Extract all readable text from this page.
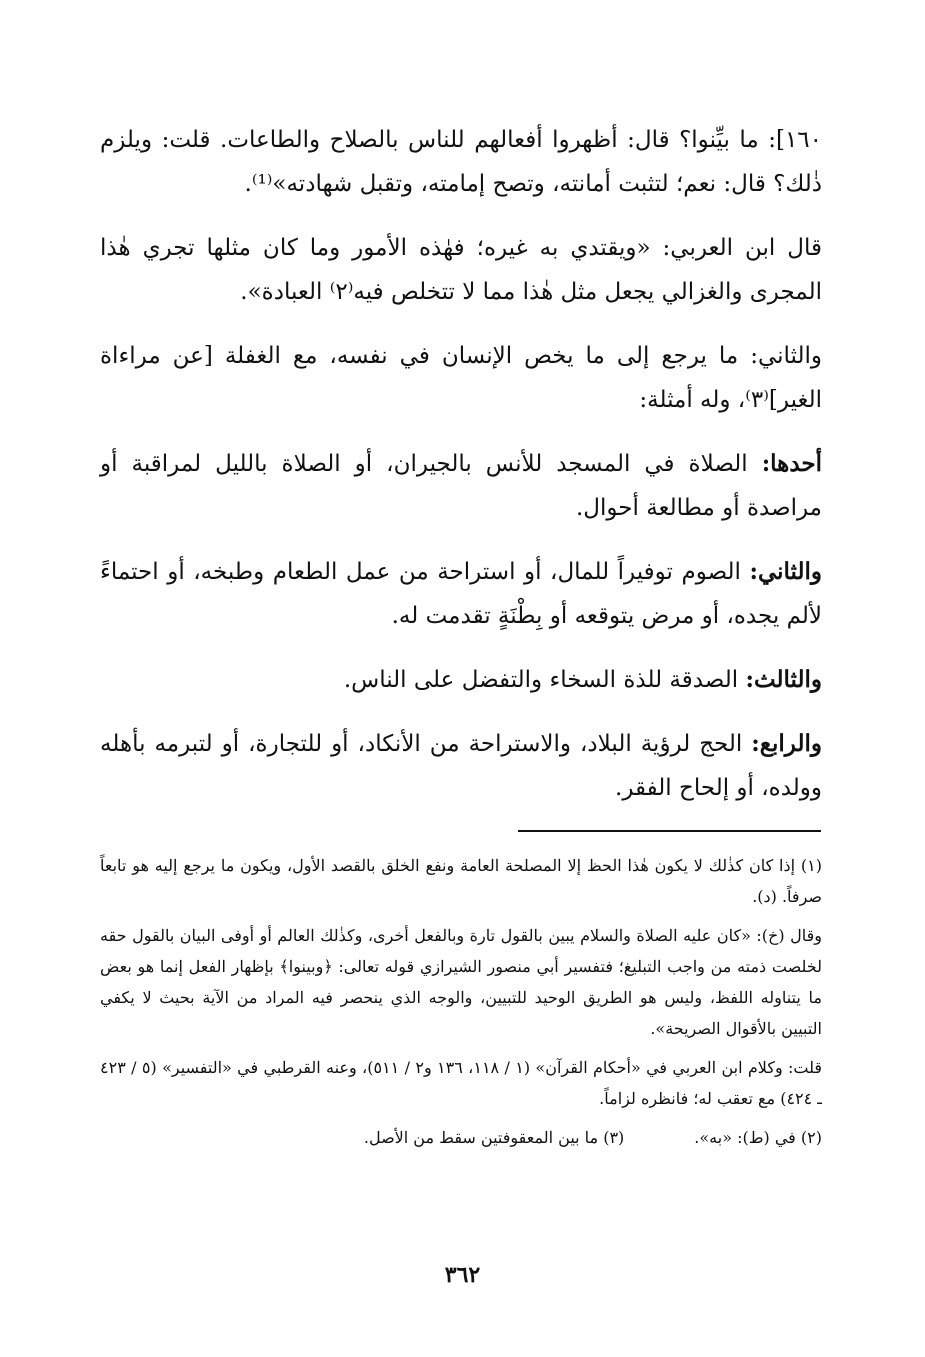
١٦٠]: ما بيِّنوا؟ قال: أظهروا أفعالهم للناس بالصلاح والطاعات. قلت: ويلزم ذٰلك؟ قال: نعم؛ لتثبت أمانته، وتصح إمامته، وتقبل شهادته»⁽¹⁾.

قال ابن العربي: «ويقتدي به غيره؛ فهٰذه الأمور وما كان مثلها تجري هٰذا المجرى والغزالي يجعل مثل هٰذا مما لا تتخلص فيه⁽٢⁾ العبادة».

والثاني: ما يرجع إلى ما يخص الإنسان في نفسه، مع الغفلة [عن مراءاة الغير]⁽٣⁾، وله أمثلة:

أحدها: الصلاة في المسجد للأنس بالجيران، أو الصلاة بالليل لمراقبة أو مراصدة أو مطالعة أحوال.

والثاني: الصوم توفيراً للمال، أو استراحة من عمل الطعام وطبخه، أو احتماءً لألم يجده، أو مرض يتوقعه أو بِطْنَةٍ تقدمت له.

والثالث: الصدقة للذة السخاء والتفضل على الناس.

والرابع: الحج لرؤية البلاد، والاستراحة من الأنكاد، أو للتجارة، أو لتبرمه بأهله وولده، أو إلحاح الفقر.

(١) إذا كان كذٰلك لا يكون هٰذا الحظ إلا المصلحة العامة ونفع الخلق بالقصد الأول، ويكون ما يرجع إليه هو تابعاً صرفاً. (د).

وقال (خ): «كان عليه الصلاة والسلام يبين بالقول تارة وبالفعل أخرى، وكذٰلك العالم أو أوفى البيان بالقول حقه لخلصت ذمته من واجب التبليغ؛ فتفسير أبي منصور الشيرازي قوله تعالى: ﴿وبينوا﴾ بإظهار الفعل إنما هو بعض ما يتناوله اللفظ، وليس هو الطريق الوحيد للتبيين، والوجه الذي ينحصر فيه المراد من الآية بحيث لا يكفي التبيين بالأقوال الصريحة».

قلت: وكلام ابن العربي في «أحكام القرآن» (١ / ١١٨، ١٣٦ و٢ / ٥١١)، وعنه القرطبي في «التفسير» (٥ / ٤٢٣ ـ ٤٢٤) مع تعقب له؛ فانظره لزاماً.

(٢) في (ط): «به».
(٣) ما بين المعقوفتين سقط من الأصل.
٣٦٢
